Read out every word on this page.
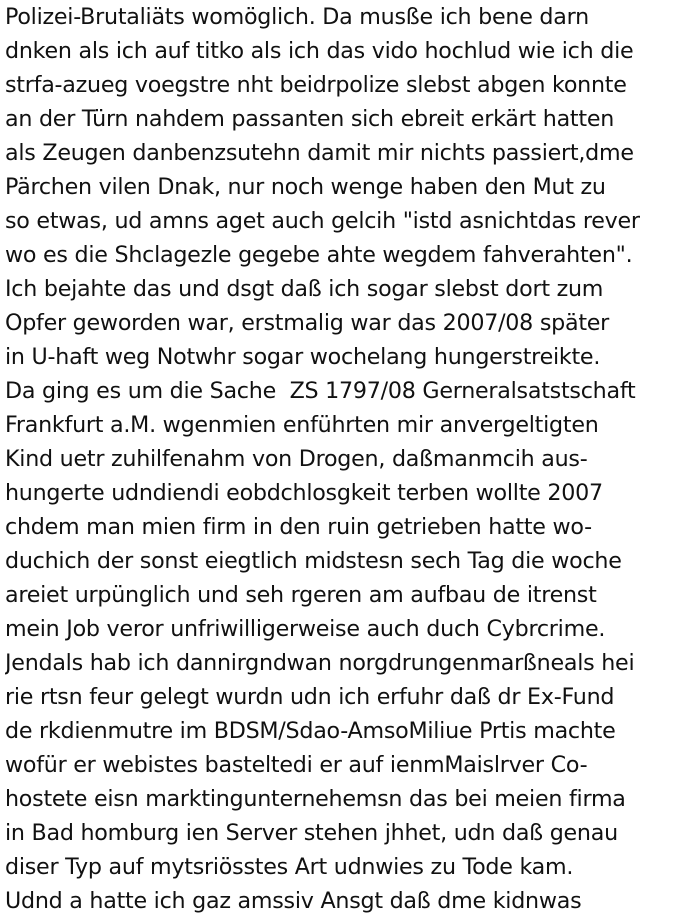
Polizei-Brutaliäts womöglich. Da musße ich bene darn
dnken als ich auf titko als ich das vido hochlud wie ich die
strfa-azueg voegstre nht beidrpolize slebst abgen konnte
an der Türn nahdem passanten sich ebreit erkärt hatten
als Zeugen danbenzsutehn damit mir nichts passiert,dme
Pärchen vilen Dnak, nur noch wenge haben den Mut zu
so etwas, ud amns aget auch gelcih "istd asnichtdas rever
wo es die Shclagezle gegebe ahte wegdem fahverahten".
Ich bejahte das und dsgt daß ich sogar slebst dort zum
Opfer geworden war, erstmalig war das 2007/08 später
in U-haft weg Notwhr sogar wochelang hungerstreikte.
Da ging es um die Sache  ZS 1797/08 Gerneralsatstschaft
Frankfurt a.M. wgenmien enführten mir anvergeltigten
Kind uetr zuhilfenahm von Drogen, daßmanmcih aus-
hungerte udndiendi eobdchlosgkeit terben wollte 2007
chdem man mien firm in den ruin getrieben hatte wo-
duchich der sonst eiegtlich midstesn sech Tag die woche
areiet urpünglich und seh rgeren am aufbau de itrenst
mein Job veror unfriwilligerweise auch duch Cybrcrime.
Jendals hab ich dannirgndwan norgdrungenmarßneals hei
rie rtsn feur gelegt wurdn udn ich erfuhr daß dr Ex-Fund
de rkdienmutre im BDSM/Sdao-AmsoMiliue Prtis machte
wofür er webistes basteltedi er auf ienmMaislrver Co-
hostete eisn marktingunternehemsn das bei meien firma
in Bad homburg ien Server stehen jhhet, udn daß genau
diser Typ auf mytsriösstes Art udnwies zu Tode kam.
Udnd a hatte ich gaz amssiv Ansgt daß dme kidnwas
